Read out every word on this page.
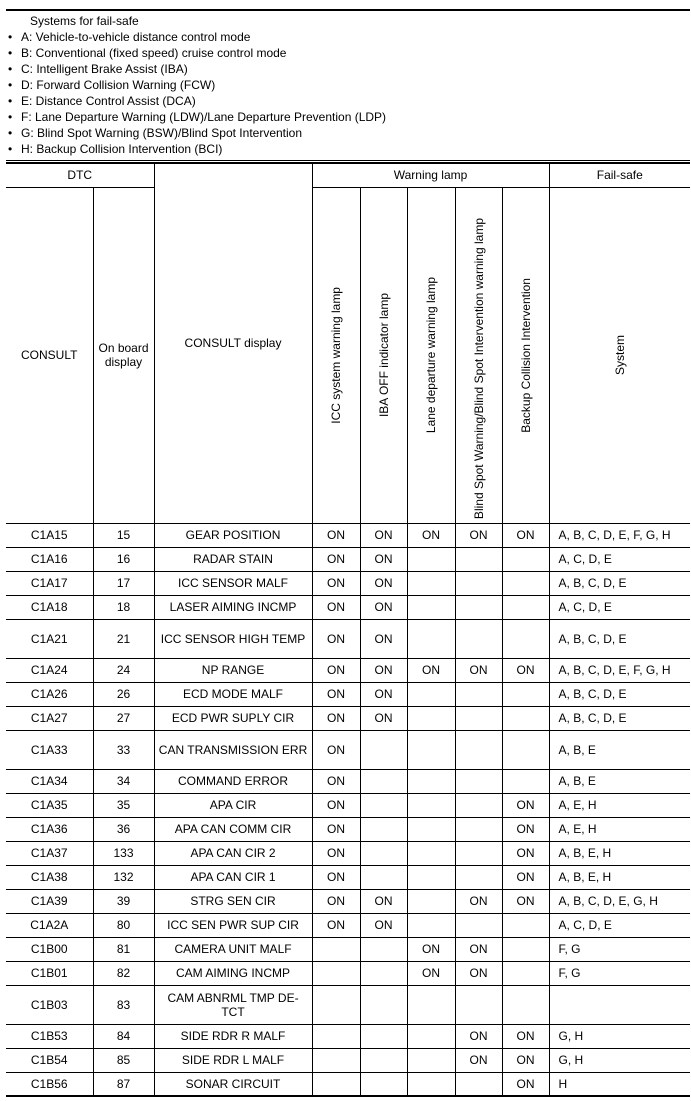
Systems for fail-safe
• A: Vehicle-to-vehicle distance control mode
• B: Conventional (fixed speed) cruise control mode
• C: Intelligent Brake Assist (IBA)
• D: Forward Collision Warning (FCW)
• E: Distance Control Assist (DCA)
• F: Lane Departure Warning (LDW)/Lane Departure Prevention (LDP)
• G: Blind Spot Warning (BSW)/Blind Spot Intervention
• H: Backup Collision Intervention (BCI)
DTC		CONSULT display	Warning lamp					Fail-safe
CONSULT	On board display		ICC system warning lamp	IBA OFF indicator lamp	Lane departure warning lamp	Blind Spot Warning/Blind Spot Intervention warning lamp	Backup Collision Intervention	System

C1A15	15	GEAR POSITION	ON	ON	ON	ON	ON	A, B, C, D, E, F, G, H
C1A16	16	RADAR STAIN	ON	ON				A, C, D, E
C1A17	17	ICC SENSOR MALF	ON	ON				A, B, C, D, E
C1A18	18	LASER AIMING INCMP	ON	ON				A, C, D, E
C1A21	21	ICC SENSOR HIGH TEMP	ON	ON				A, B, C, D, E
C1A24	24	NP RANGE	ON	ON	ON	ON	ON	A, B, C, D, E, F, G, H
C1A26	26	ECD MODE MALF	ON	ON				A, B, C, D, E
C1A27	27	ECD PWR SUPLY CIR	ON	ON				A, B, C, D, E
C1A33	33	CAN TRANSMISSION ERR	ON					A, B, E
C1A34	34	COMMAND ERROR	ON					A, B, E
C1A35	35	APA CIR	ON				ON	A, E, H
C1A36	36	APA CAN COMM CIR	ON				ON	A, E, H
C1A37	133	APA CAN CIR 2	ON				ON	A, B, E, H
C1A38	132	APA CAN CIR 1	ON				ON	A, B, E, H
C1A39	39	STRG SEN CIR	ON	ON		ON	ON	A, B, C, D, E, G, H
C1A2A	80	ICC SEN PWR SUP CIR	ON	ON				A, C, D, E
C1B00	81	CAMERA UNIT MALF			ON	ON		F, G
C1B01	82	CAM AIMING INCMP			ON	ON		F, G
C1B03	83	CAM ABNRML TMP DE-TCT						
C1B53	84	SIDE RDR R MALF				ON	ON	G, H
C1B54	85	SIDE RDR L MALF				ON	ON	G, H
C1B56	87	SONAR CIRCUIT					ON	H
